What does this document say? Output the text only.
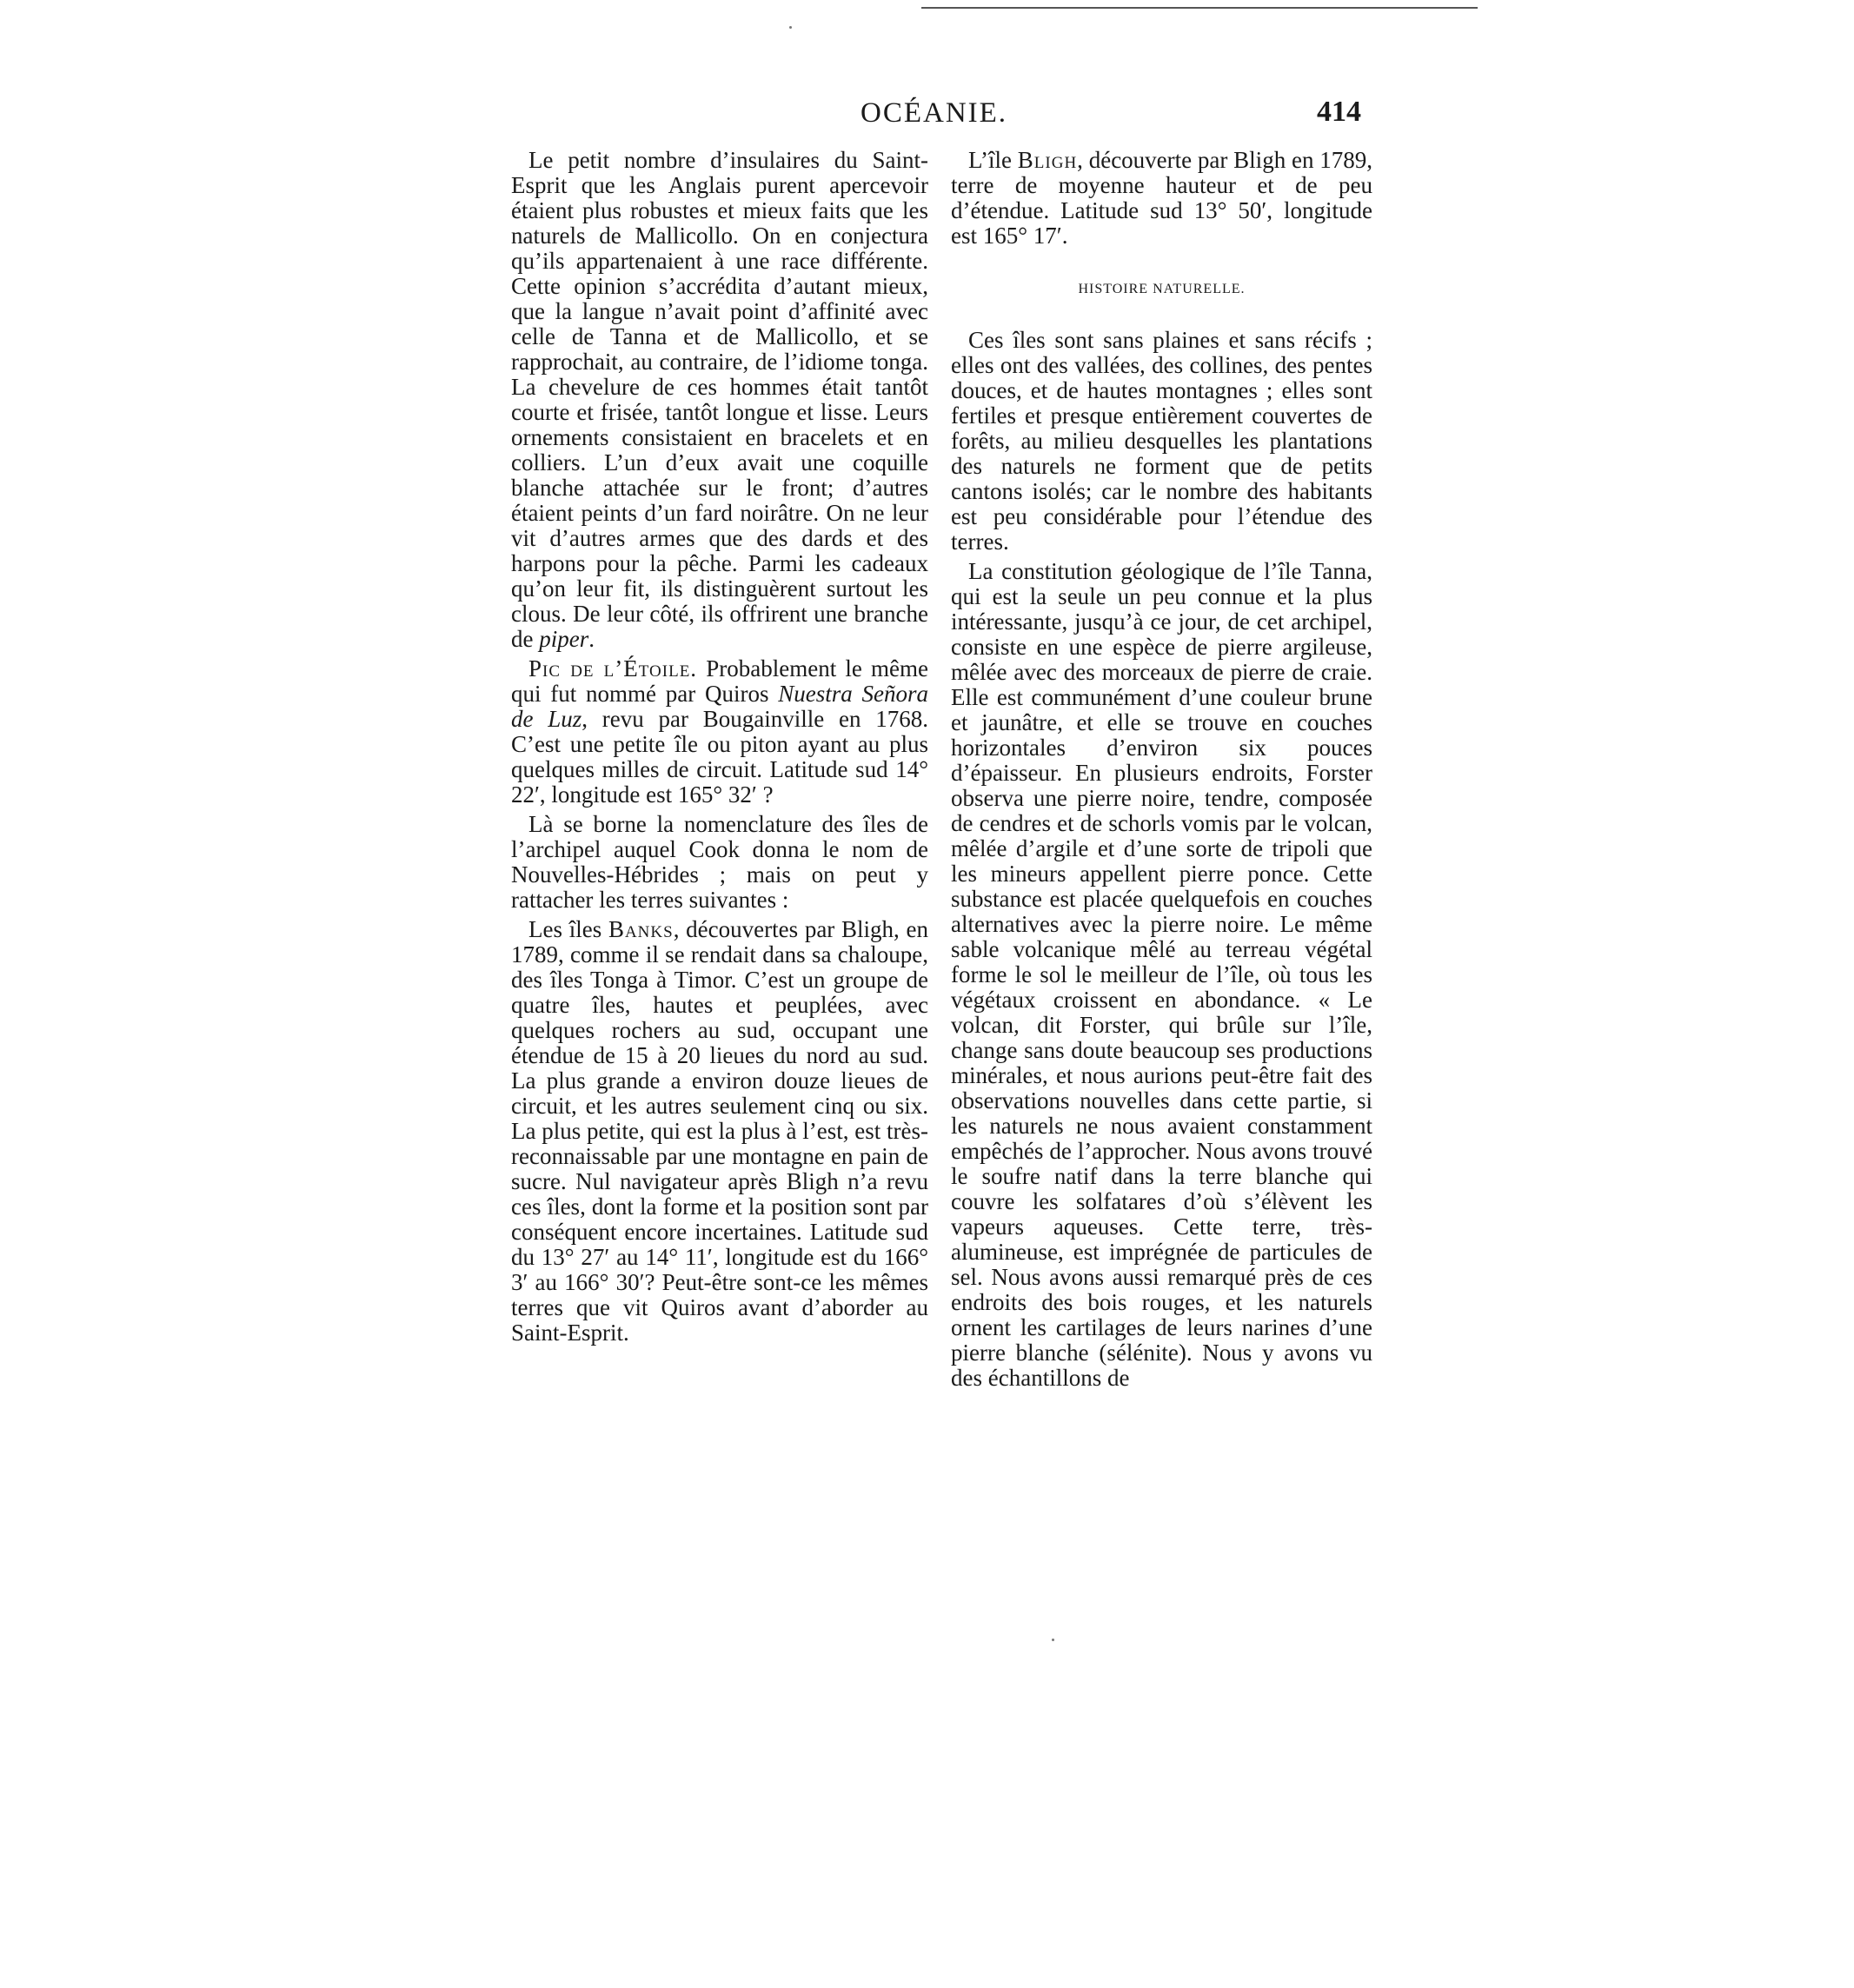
OCÉANIE.	414

Le petit nombre d’insulaires du Saint-Esprit que les Anglais purent apercevoir étaient plus robustes et mieux faits que les naturels de Mallicollo. On en conjectura qu’ils appartenaient à une race différente. Cette opinion s’accrédita d’autant mieux, que la langue n’avait point d’affinité avec celle de Tanna et de Mallicollo, et se rapprochait, au contraire, de l’idiome tonga. La chevelure de ces hommes était tantôt courte et frisée, tantôt longue et lisse. Leurs ornements consistaient en bracelets et en colliers. L’un d’eux avait une coquille blanche attachée sur le front; d’autres étaient peints d’un fard noirâtre. On ne leur vit d’autres armes que des dards et des harpons pour la pêche. Parmi les cadeaux qu’on leur fit, ils distinguèrent surtout les clous. De leur côté, ils offrirent une branche de piper.

Pic de l’Étoile. Probablement le même qui fut nommé par Quiros Nuestra Señora de Luz, revu par Bougainville en 1768. C’est une petite île ou piton ayant au plus quelques milles de circuit. Latitude sud 14° 22′, longitude est 165° 32′ ?

Là se borne la nomenclature des îles de l’archipel auquel Cook donna le nom de Nouvelles-Hébrides ; mais on peut y rattacher les terres suivantes :

Les îles Banks, découvertes par Bligh, en 1789, comme il se rendait dans sa chaloupe, des îles Tonga à Timor. C’est un groupe de quatre îles, hautes et peuplées, avec quelques rochers au sud, occupant une étendue de 15 à 20 lieues du nord au sud. La plus grande a environ douze lieues de circuit, et les autres seulement cinq ou six. La plus petite, qui est la plus à l’est, est très-reconnaissable par une montagne en pain de sucre. Nul navigateur après Bligh n’a revu ces îles, dont la forme et la position sont par conséquent encore incertaines. Latitude sud du 13° 27′ au 14° 11′, longitude est du 166° 3′ au 166° 30′? Peut-être sont-ce les mêmes terres que vit Quiros avant d’aborder au Saint-Esprit.

L’île Bligh, découverte par Bligh en 1789, terre de moyenne hauteur et de peu d’étendue. Latitude sud 13° 50′, longitude est 165° 17′.

HISTOIRE NATURELLE.

Ces îles sont sans plaines et sans récifs ; elles ont des vallées, des collines, des pentes douces, et de hautes montagnes ; elles sont fertiles et presque entièrement couvertes de forêts, au milieu desquelles les plantations des naturels ne forment que de petits cantons isolés; car le nombre des habitants est peu considérable pour l’étendue des terres.

La constitution géologique de l’île Tanna, qui est la seule un peu connue et la plus intéressante, jusqu’à ce jour, de cet archipel, consiste en une espèce de pierre argileuse, mêlée avec des morceaux de pierre de craie. Elle est communément d’une couleur brune et jaunâtre, et elle se trouve en couches horizontales d’environ six pouces d’épaisseur. En plusieurs endroits, Forster observa une pierre noire, tendre, composée de cendres et de schorls vomis par le volcan, mêlée d’argile et d’une sorte de tripoli que les mineurs appellent pierre ponce. Cette substance est placée quelquefois en couches alternatives avec la pierre noire. Le même sable volcanique mêlé au terreau végétal forme le sol le meilleur de l’île, où tous les végétaux croissent en abondance. « Le volcan, dit Forster, qui brûle sur l’île, change sans doute beaucoup ses productions minérales, et nous aurions peut-être fait des observations nouvelles dans cette partie, si les naturels ne nous avaient constamment empêchés de l’approcher. Nous avons trouvé le soufre natif dans la terre blanche qui couvre les solfatares d’où s’élèvent les vapeurs aqueuses. Cette terre, très-alumineuse, est imprégnée de particules de sel. Nous avons aussi remarqué près de ces endroits des bois rouges, et les naturels ornent les cartilages de leurs narines d’une pierre blanche (sélénite). Nous y avons vu des échantillons de
